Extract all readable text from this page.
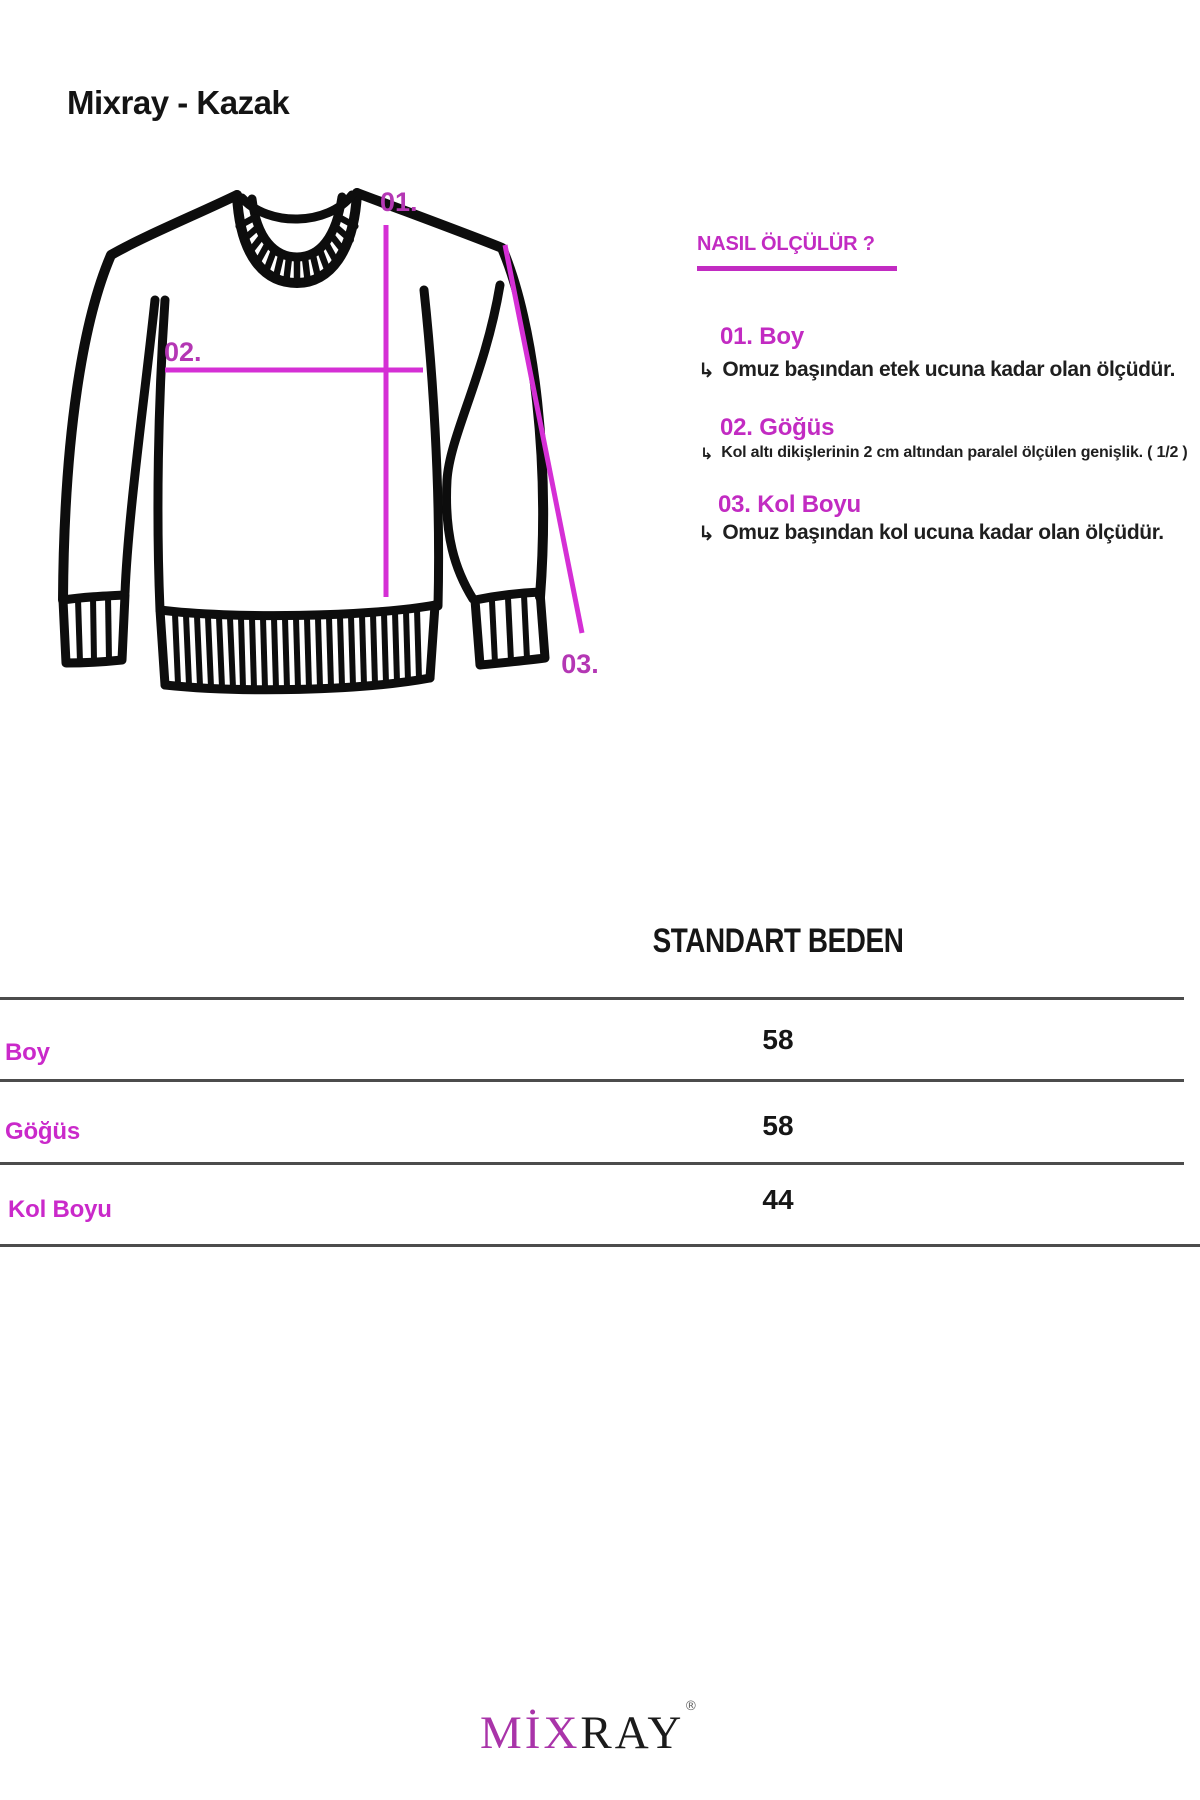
Mixray - Kazak
01.
02.
03.
NASIL ÖLÇÜLÜR ?
01. Boy
↳ Omuz başından etek ucuna kadar olan ölçüdür.
02. Göğüs
↳ Kol altı dikişlerinin 2 cm altından paralel ölçülen genişlik. ( 1/2 )
03. Kol Boyu
↳ Omuz başından kol ucuna kadar olan ölçüdür.
STANDART BEDEN
Boy	58
Göğüs	58
Kol Boyu	44
MİXRAY®
